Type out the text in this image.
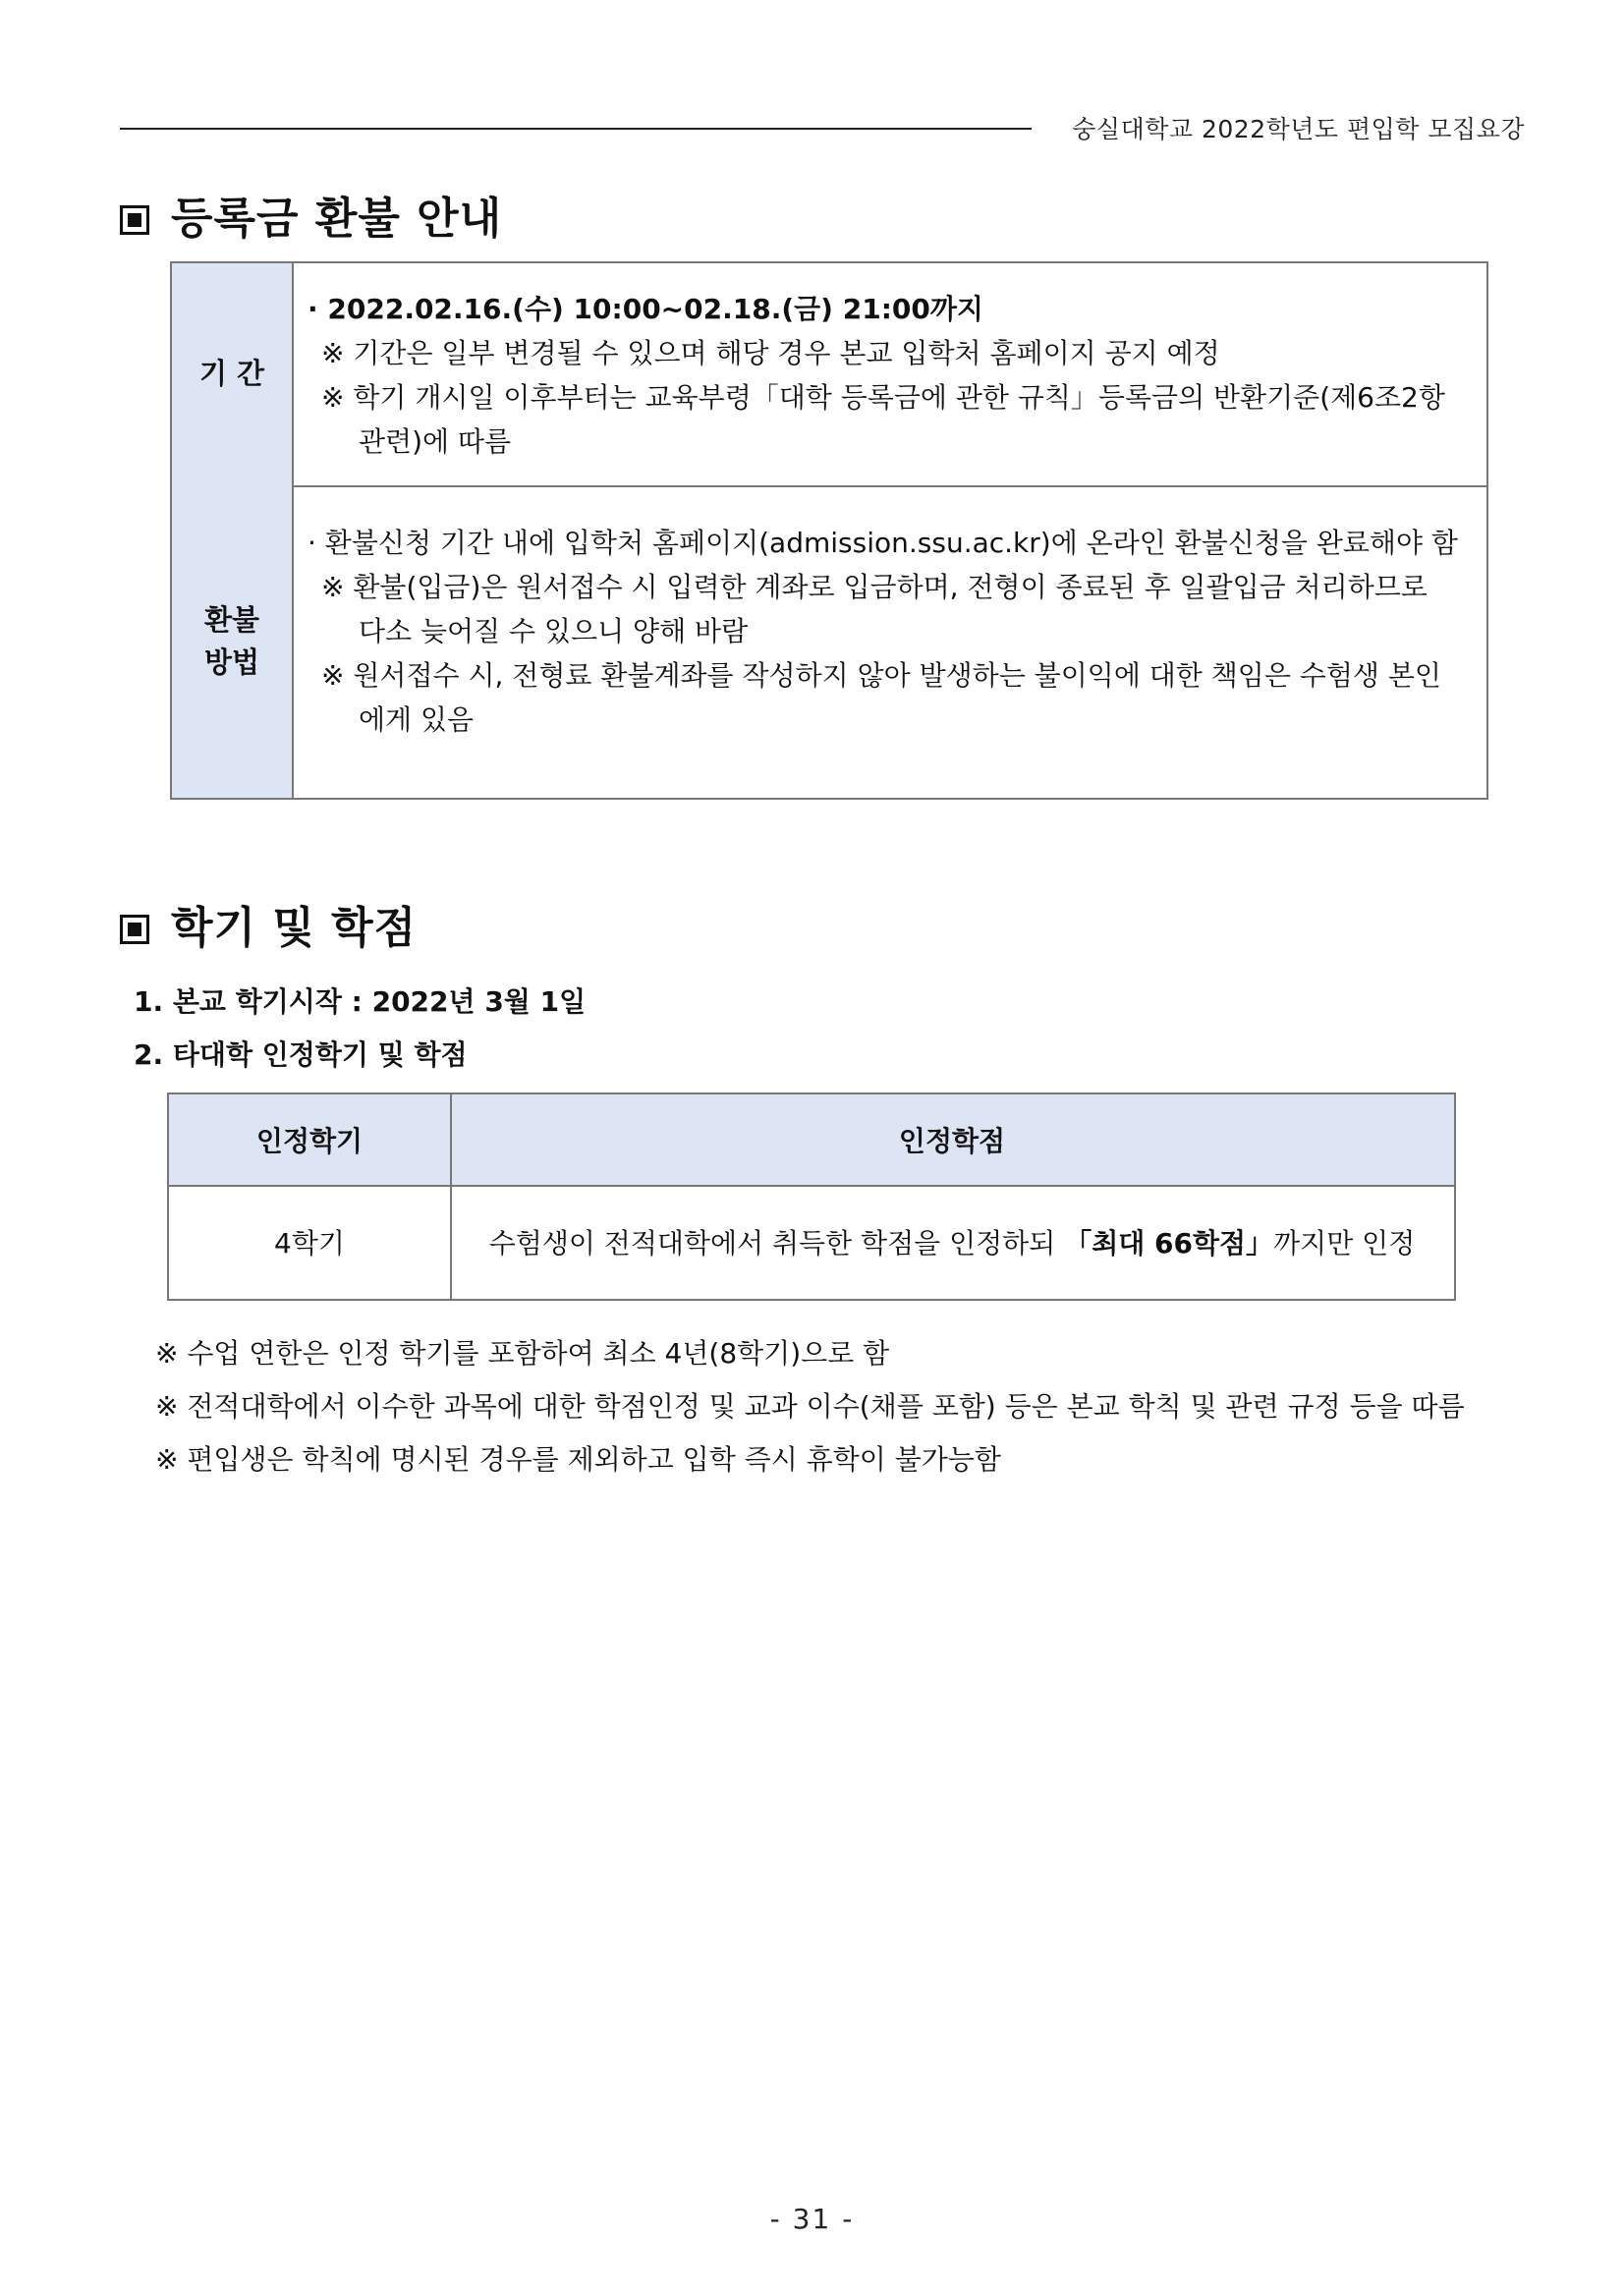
숭실대학교 2022학년도 편입학 모집요강
등록금 환불 안내
기 간
· 2022.02.16.(수) 10:00~02.18.(금) 21:00까지
※ 기간은 일부 변경될 수 있으며 해당 경우 본교 입학처 홈페이지 공지 예정
※ 학기 개시일 이후부터는 교육부령「대학 등록금에 관한 규칙」등록금의 반환기준(제6조2항
관련)에 따름
환불
방법
· 환불신청 기간 내에 입학처 홈페이지(admission.ssu.ac.kr)에 온라인 환불신청을 완료해야 함
※ 환불(입금)은 원서접수 시 입력한 계좌로 입금하며, 전형이 종료된 후 일괄입금 처리하므로
다소 늦어질 수 있으니 양해 바람
※ 원서접수 시, 전형료 환불계좌를 작성하지 않아 발생하는 불이익에 대한 책임은 수험생 본인
에게 있음
학기 및 학점
1. 본교 학기시작 : 2022년 3월 1일
2. 타대학 인정학기 및 학점
인정학기	인정학점
4학기	수험생이 전적대학에서 취득한 학점을 인정하되
「최대 66학점」 까지만 인정
※ 수업 연한은 인정 학기를 포함하여 최소 4년(8학기)으로 함
※ 전적대학에서 이수한 과목에 대한 학점인정 및 교과 이수(채플 포함) 등은 본교 학칙 및 관련 규정 등을 따름
※ 편입생은 학칙에 명시된 경우를 제외하고 입학 즉시 휴학이 불가능함
- 31 -
